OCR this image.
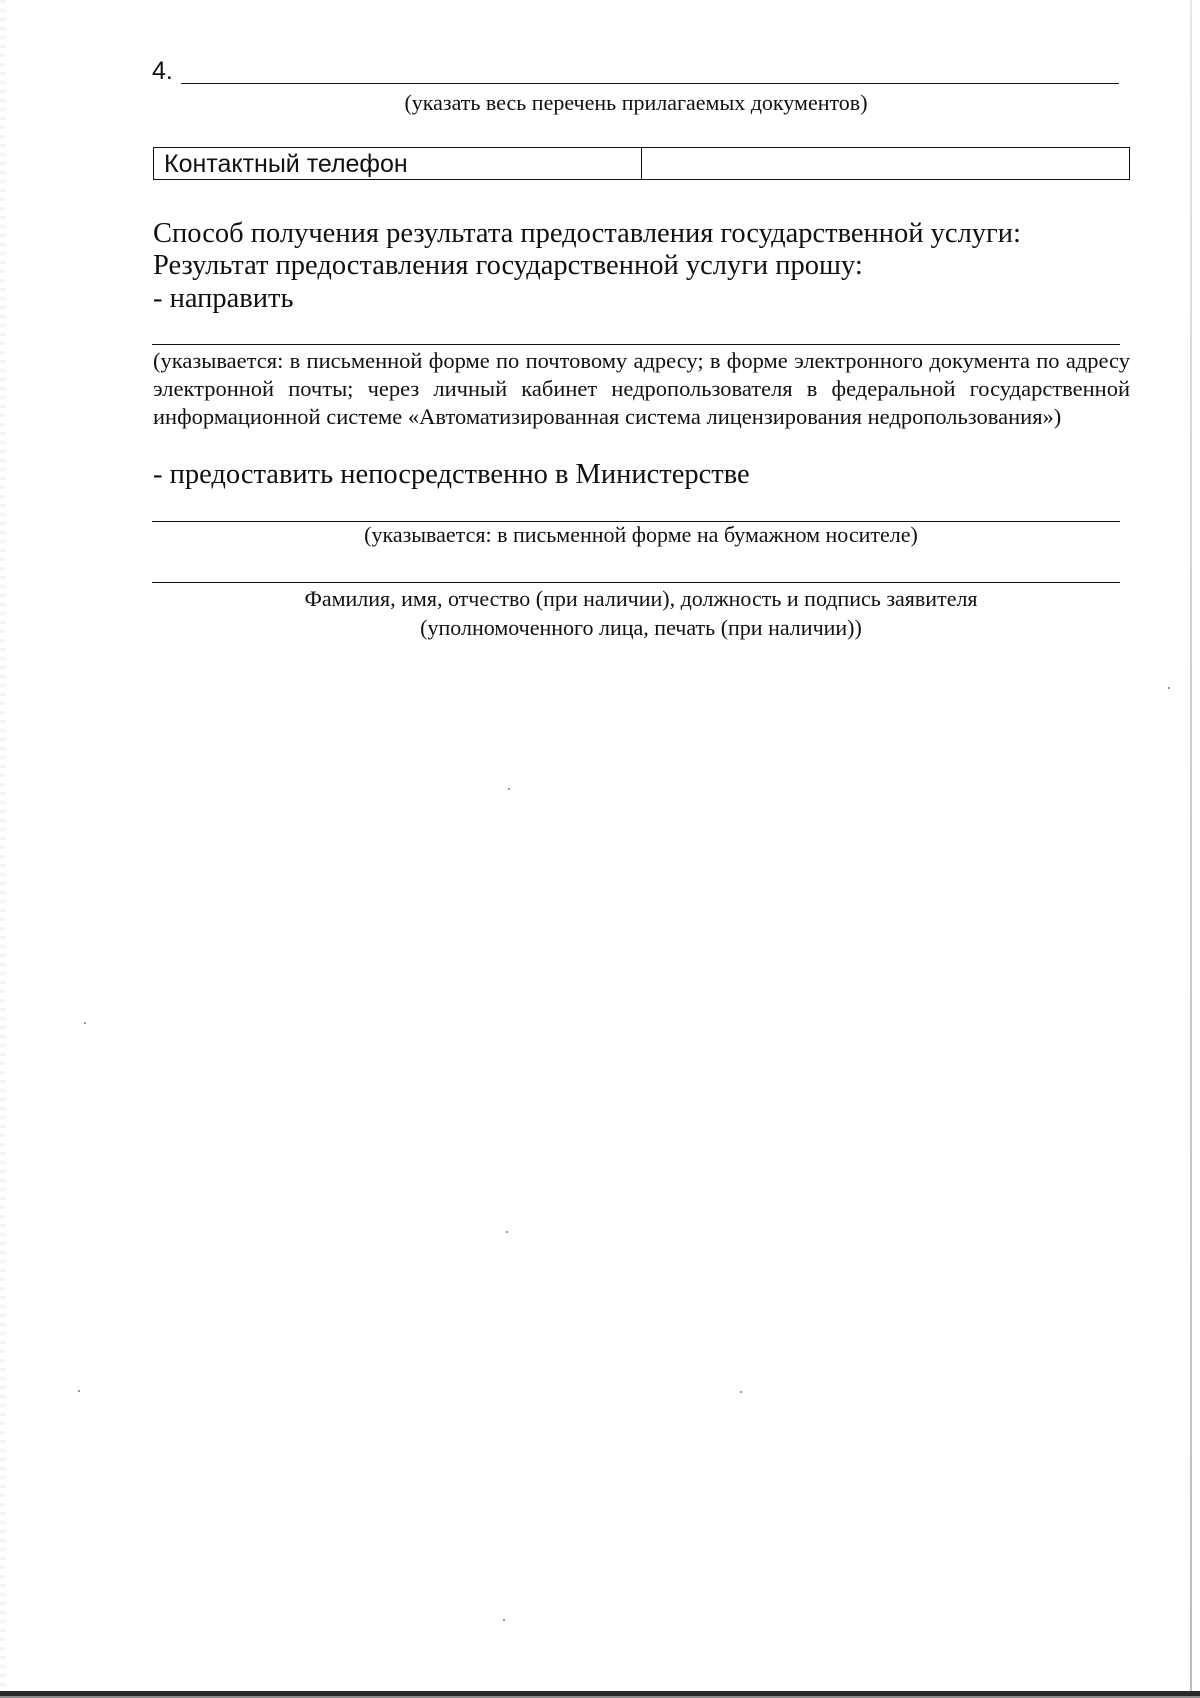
4.
(указать весь перечень прилагаемых документов)
Контактный телефон
Способ получения результата предоставления государственной услуги:
Результат предоставления государственной услуги прошу:
- направить
(указывается: в письменной форме по почтовому адресу; в форме электронного документа по адресу электронной почты; через личный кабинет недропользователя в федеральной государственной информационной системе «Автоматизированная система лицензирования недропользования»)
- предоставить непосредственно в Министерстве
(указывается: в письменной форме на бумажном носителе)
Фамилия, имя, отчество (при наличии), должность и подпись заявителя
(уполномоченного лица, печать (при наличии))
